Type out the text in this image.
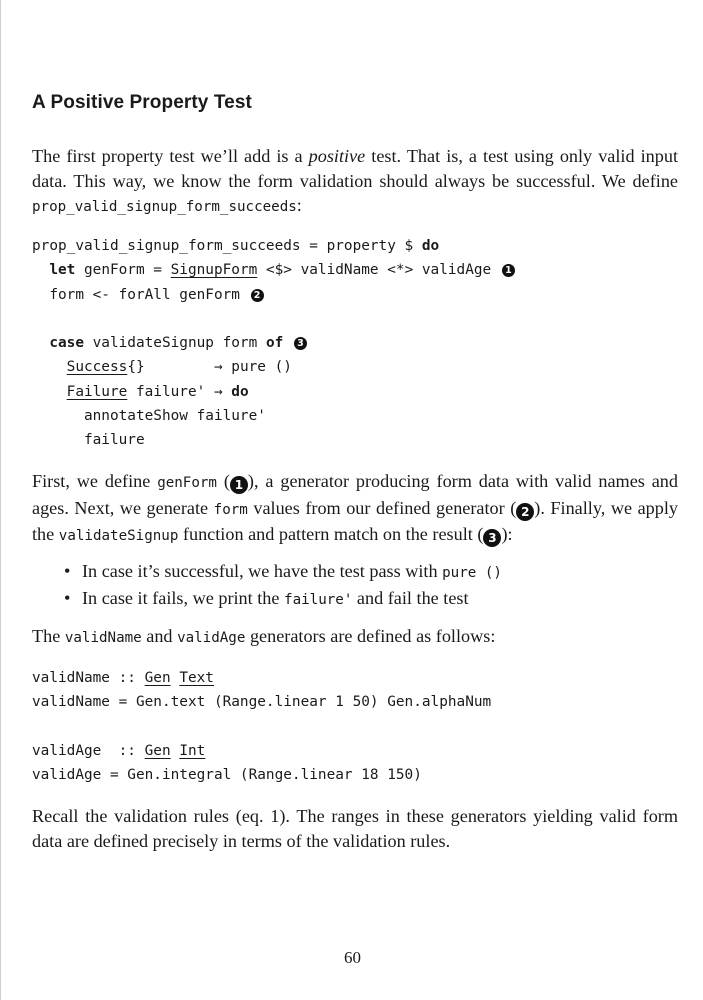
A Positive Property Test

The first property test we’ll add is a positive test. That is, a test using only valid input data. This way, we know the form validation should always be successful. We define prop_valid_signup_form_succeeds:

prop_valid_signup_form_succeeds = property $ do
let genForm = SignupForm <$> validName <*> validAge 1
form <- forAll genForm 2
case validateSignup form of 3
Success{}        → pure ()
Failure failure' → do
annotateShow failure'
failure

First, we define genForm ( 1 ), a generator producing form data with valid names and ages. Next, we generate form values from our defined generator ( 2 ). Finally, we apply the validateSignup function and pattern match on the result ( 3 ):

• In case it’s successful, we have the test pass with pure ()
• In case it fails, we print the failure' and fail the test

The validName and validAge generators are defined as follows:

validName :: Gen Text
validName = Gen.text (Range.linear 1 50) Gen.alphaNum
validAge  :: Gen Int
validAge = Gen.integral (Range.linear 18 150)

Recall the validation rules (eq. 1). The ranges in these generators yielding valid form data are defined precisely in terms of the validation rules.

60
